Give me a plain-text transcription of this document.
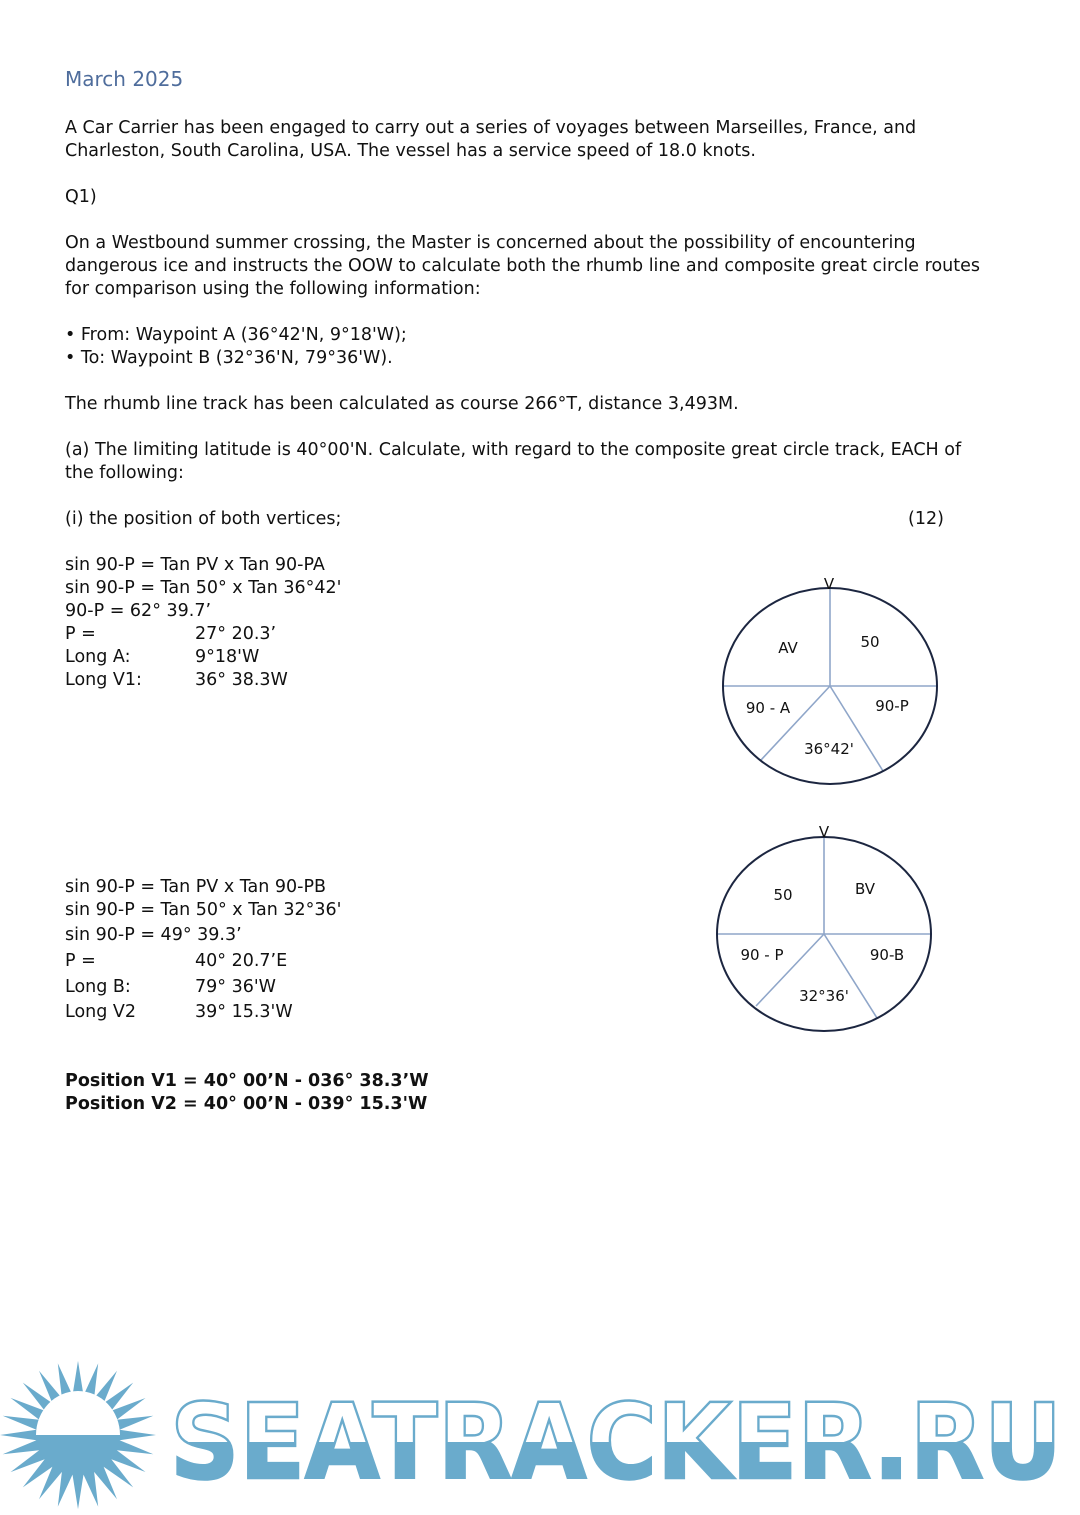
March 2025
A Car Carrier has been engaged to carry out a series of voyages between Marseilles, France, and
Charleston, South Carolina, USA. The vessel has a service speed of 18.0 knots.
Q1)
On a Westbound summer crossing, the Master is concerned about the possibility of encountering
dangerous ice and instructs the OOW to calculate both the rhumb line and composite great circle routes
for comparison using the following information:
• From: Waypoint A (36°42'N, 9°18'W);
• To: Waypoint B (32°36'N, 79°36'W).
The rhumb line track has been calculated as course 266°T, distance 3,493M.
(a) The limiting latitude is 40°00'N. Calculate, with regard to the composite great circle track, EACH of
the following:
(i) the position of both vertices;	(12)
sin 90-P = Tan PV x Tan 90-PA
sin 90-P = Tan 50° x Tan 36°42'
90-P = 62° 39.7’
P =	27° 20.3’
Long A:	9°18'W
Long V1:	36° 38.3W
sin 90-P = Tan PV x Tan 90-PB
sin 90-P = Tan 50° x Tan 32°36'
sin 90-P = 49° 39.3’
P =	40° 20.7’E
Long B:	79° 36'W
Long V2	39° 15.3'W
Position V1 = 40° 00’N - 036° 38.3’W
Position V2 = 40° 00’N - 039° 15.3'W
V
AV	50
90 - A	90-P
36°42'
V
50	BV
90 - P	90-B
32°36'
SEATRACKER.RU
